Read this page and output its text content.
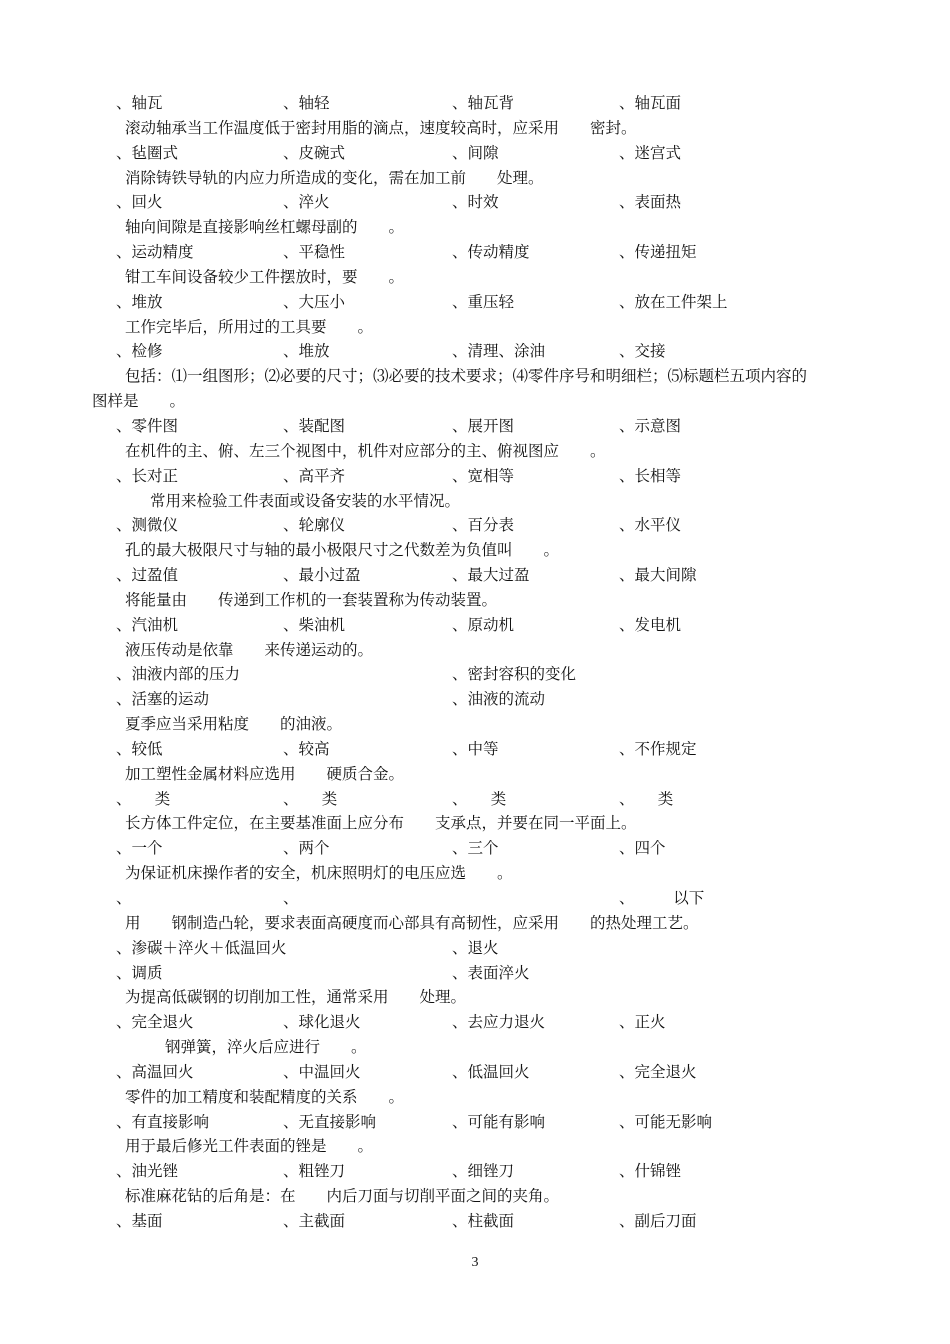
、轴瓦	、轴轻	、轴瓦背	、轴瓦面
滚动轴承当工作温度低于密封用脂的滴点，速度较高时，应采用　　密封。
、毡圈式	、皮碗式	、间隙	、迷宫式
消除铸铁导轨的内应力所造成的变化，需在加工前　　处理。
、回火	、淬火	、时效	、表面热
轴向间隙是直接影响丝杠螺母副的　　。
、运动精度	、平稳性	、传动精度	、传递扭矩
钳工车间设备较少工件摆放时，要　　。
、堆放	、大压小	、重压轻	、放在工件架上
工作完毕后，所用过的工具要　　。
、检修	、堆放	、清理、涂油	、交接
包括：⑴一组图形；⑵必要的尺寸；⑶必要的技术要求；⑷零件序号和明细栏；⑸标题栏五项内容的
图样是　　。
、零件图	、装配图	、展开图	、示意图
在机件的主、俯、左三个视图中，机件对应部分的主、俯视图应　　。
、长对正	、高平齐	、宽相等	、长相等
常用来检验工件表面或设备安装的水平情况。
、测微仪	、轮廓仪	、百分表	、水平仪
孔的最大极限尺寸与轴的最小极限尺寸之代数差为负值叫　　。
、过盈值	、最小过盈	、最大过盈	、最大间隙
将能量由　　传递到工作机的一套装置称为传动装置。
、汽油机	、柴油机	、原动机	、发电机
液压传动是依靠　　来传递运动的。
、油液内部的压力	、密封容积的变化
、活塞的运动	、油液的流动
夏季应当采用粘度　　的油液。
、较低	、较高	、中等	、不作规定
加工塑性金属材料应选用　　硬质合金。
、　　类	、　　类	、　　类	、　　类
长方体工件定位，在主要基准面上应分布　　支承点，并要在同一平面上。
、一个	、两个	、三个	、四个
为保证机床操作者的安全，机床照明灯的电压应选　　。
、	、	、　　　以下
用　　钢制造凸轮，要求表面高硬度而心部具有高韧性，应采用　　的热处理工艺。
、渗碳＋淬火＋低温回火	、退火
、调质	、表面淬火
为提高低碳钢的切削加工性，通常采用　　处理。
、完全退火	、球化退火	、去应力退火	、正火
钢弹簧，淬火后应进行　　。
、高温回火	、中温回火	、低温回火	、完全退火
零件的加工精度和装配精度的关系　　。
、有直接影响	、无直接影响	、可能有影响	、可能无影响
用于最后修光工件表面的锉是　　。
、油光锉	、粗锉刀	、细锉刀	、什锦锉
标准麻花钻的后角是：在　　内后刀面与切削平面之间的夹角。
、基面	、主截面	、柱截面	、副后刀面
3
